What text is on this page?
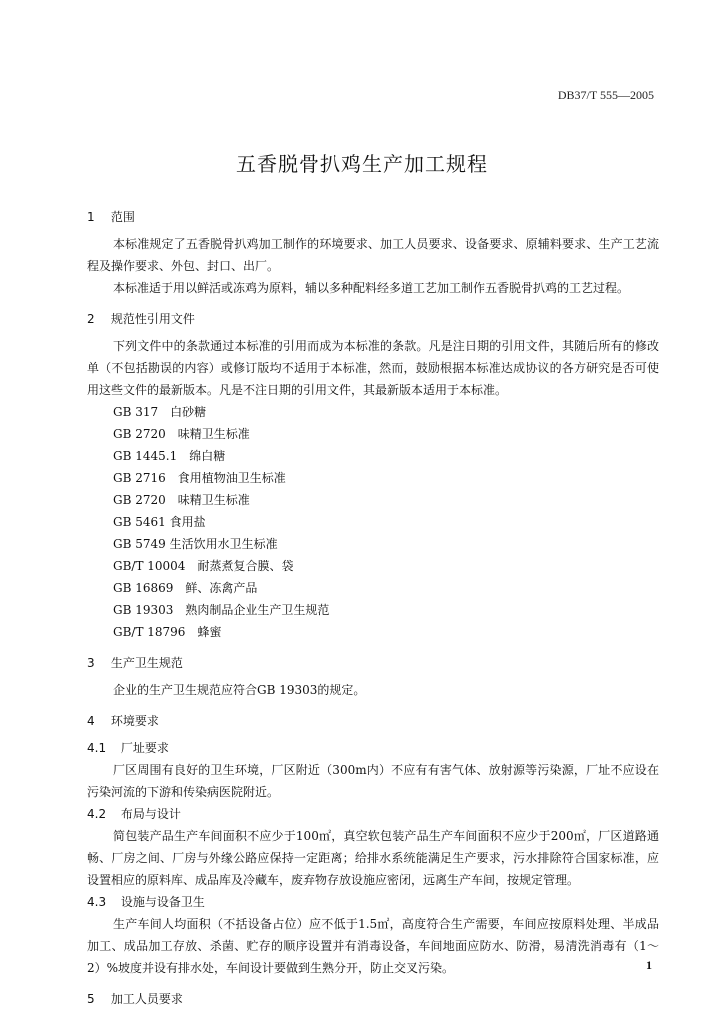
DB37/T 555—2005
五香脱骨扒鸡生产加工规程
1 范围

本标准规定了五香脱骨扒鸡加工制作的环境要求、加工人员要求、设备要求、原辅料要求、生产工艺流程及操作要求、外包、封口、出厂。

本标准适于用以鲜活或冻鸡为原料，辅以多种配料经多道工艺加工制作五香脱骨扒鸡的工艺过程。

2 规范性引用文件

下列文件中的条款通过本标准的引用而成为本标准的条款。凡是注日期的引用文件，其随后所有的修改单（不包括勘误的内容）或修订版均不适用于本标准，然而，鼓励根据本标准达成协议的各方研究是否可使用这些文件的最新版本。凡是不注日期的引用文件，其最新版本适用于本标准。

GB 317　白砂糖
GB 2720　味精卫生标准
GB 1445.1　绵白糖
GB 2716　食用植物油卫生标准
GB 2720　味精卫生标准
GB 5461 食用盐
GB 5749 生活饮用水卫生标准
GB/T 10004　耐蒸煮复合膜、袋
GB 16869　鲜、冻禽产品
GB 19303　熟肉制品企业生产卫生规范
GB/T 18796　蜂蜜
3 生产卫生规范

企业的生产卫生规范应符合GB 19303的规定。

4 环境要求
4.1 厂址要求

厂区周围有良好的卫生环境，厂区附近（300m内）不应有有害气体、放射源等污染源，厂址不应设在污染河流的下游和传染病医院附近。

4.2 布局与设计

简包装产品生产车间面积不应少于100㎡，真空软包装产品生产车间面积不应少于200㎡，厂区道路通畅、厂房之间、厂房与外缘公路应保持一定距离；给排水系统能满足生产要求，污水排除符合国家标准，应设置相应的原料库、成品库及冷藏车，废弃物存放设施应密闭，远离生产车间，按规定管理。

4.3 设施与设备卫生

生产车间人均面积（不括设备占位）应不低于1.5㎡，高度符合生产需要，车间应按原料处理、半成品加工、成品加工存放、杀菌、贮存的顺序设置并有消毒设备，车间地面应防水、防滑，易清洗消毒有（1～2）%坡度并设有排水处，车间设计要做到生熟分开，防止交叉污染。

5 加工人员要求
1
